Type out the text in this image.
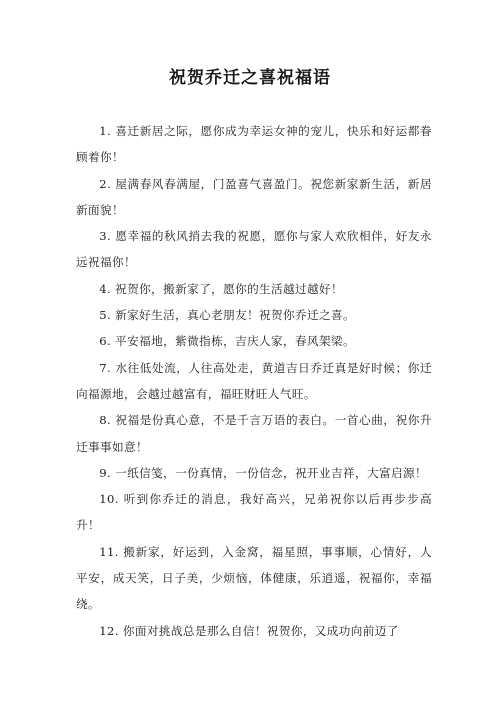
祝贺乔迁之喜祝福语

1. 喜迁新居之际，愿你成为幸运女神的宠儿，快乐和好运都眷顾着你！

2. 屋满春风春满屋，门盈喜气喜盈门。祝您新家新生活，新居新面貌！

3. 愿幸福的秋风捎去我的祝愿，愿你与家人欢欣相伴，好友永远祝福你！

4. 祝贺你，搬新家了，愿你的生活越过越好！

5. 新家好生活，真心老朋友！祝贺你乔迁之喜。

6. 平安福地，紫微指栋，吉庆人家，春风架梁。

7. 水往低处流，人往高处走，黄道吉日乔迁真是好时候；你迁向福源地，会越过越富有，福旺财旺人气旺。

8. 祝福是份真心意，不是千言万语的表白。一首心曲，祝你升迁事事如意！

9. 一纸信笺，一份真情，一份信念，祝开业吉祥，大富启源！

10. 听到你乔迁的消息，我好高兴，兄弟祝你以后再步步高升！

11. 搬新家，好运到，入金窝，福星照，事事顺，心情好，人平安，成天笑，日子美，少烦恼，体健康，乐逍遥，祝福你，幸福绕。

12. 你面对挑战总是那么自信！祝贺你，又成功向前迈了
